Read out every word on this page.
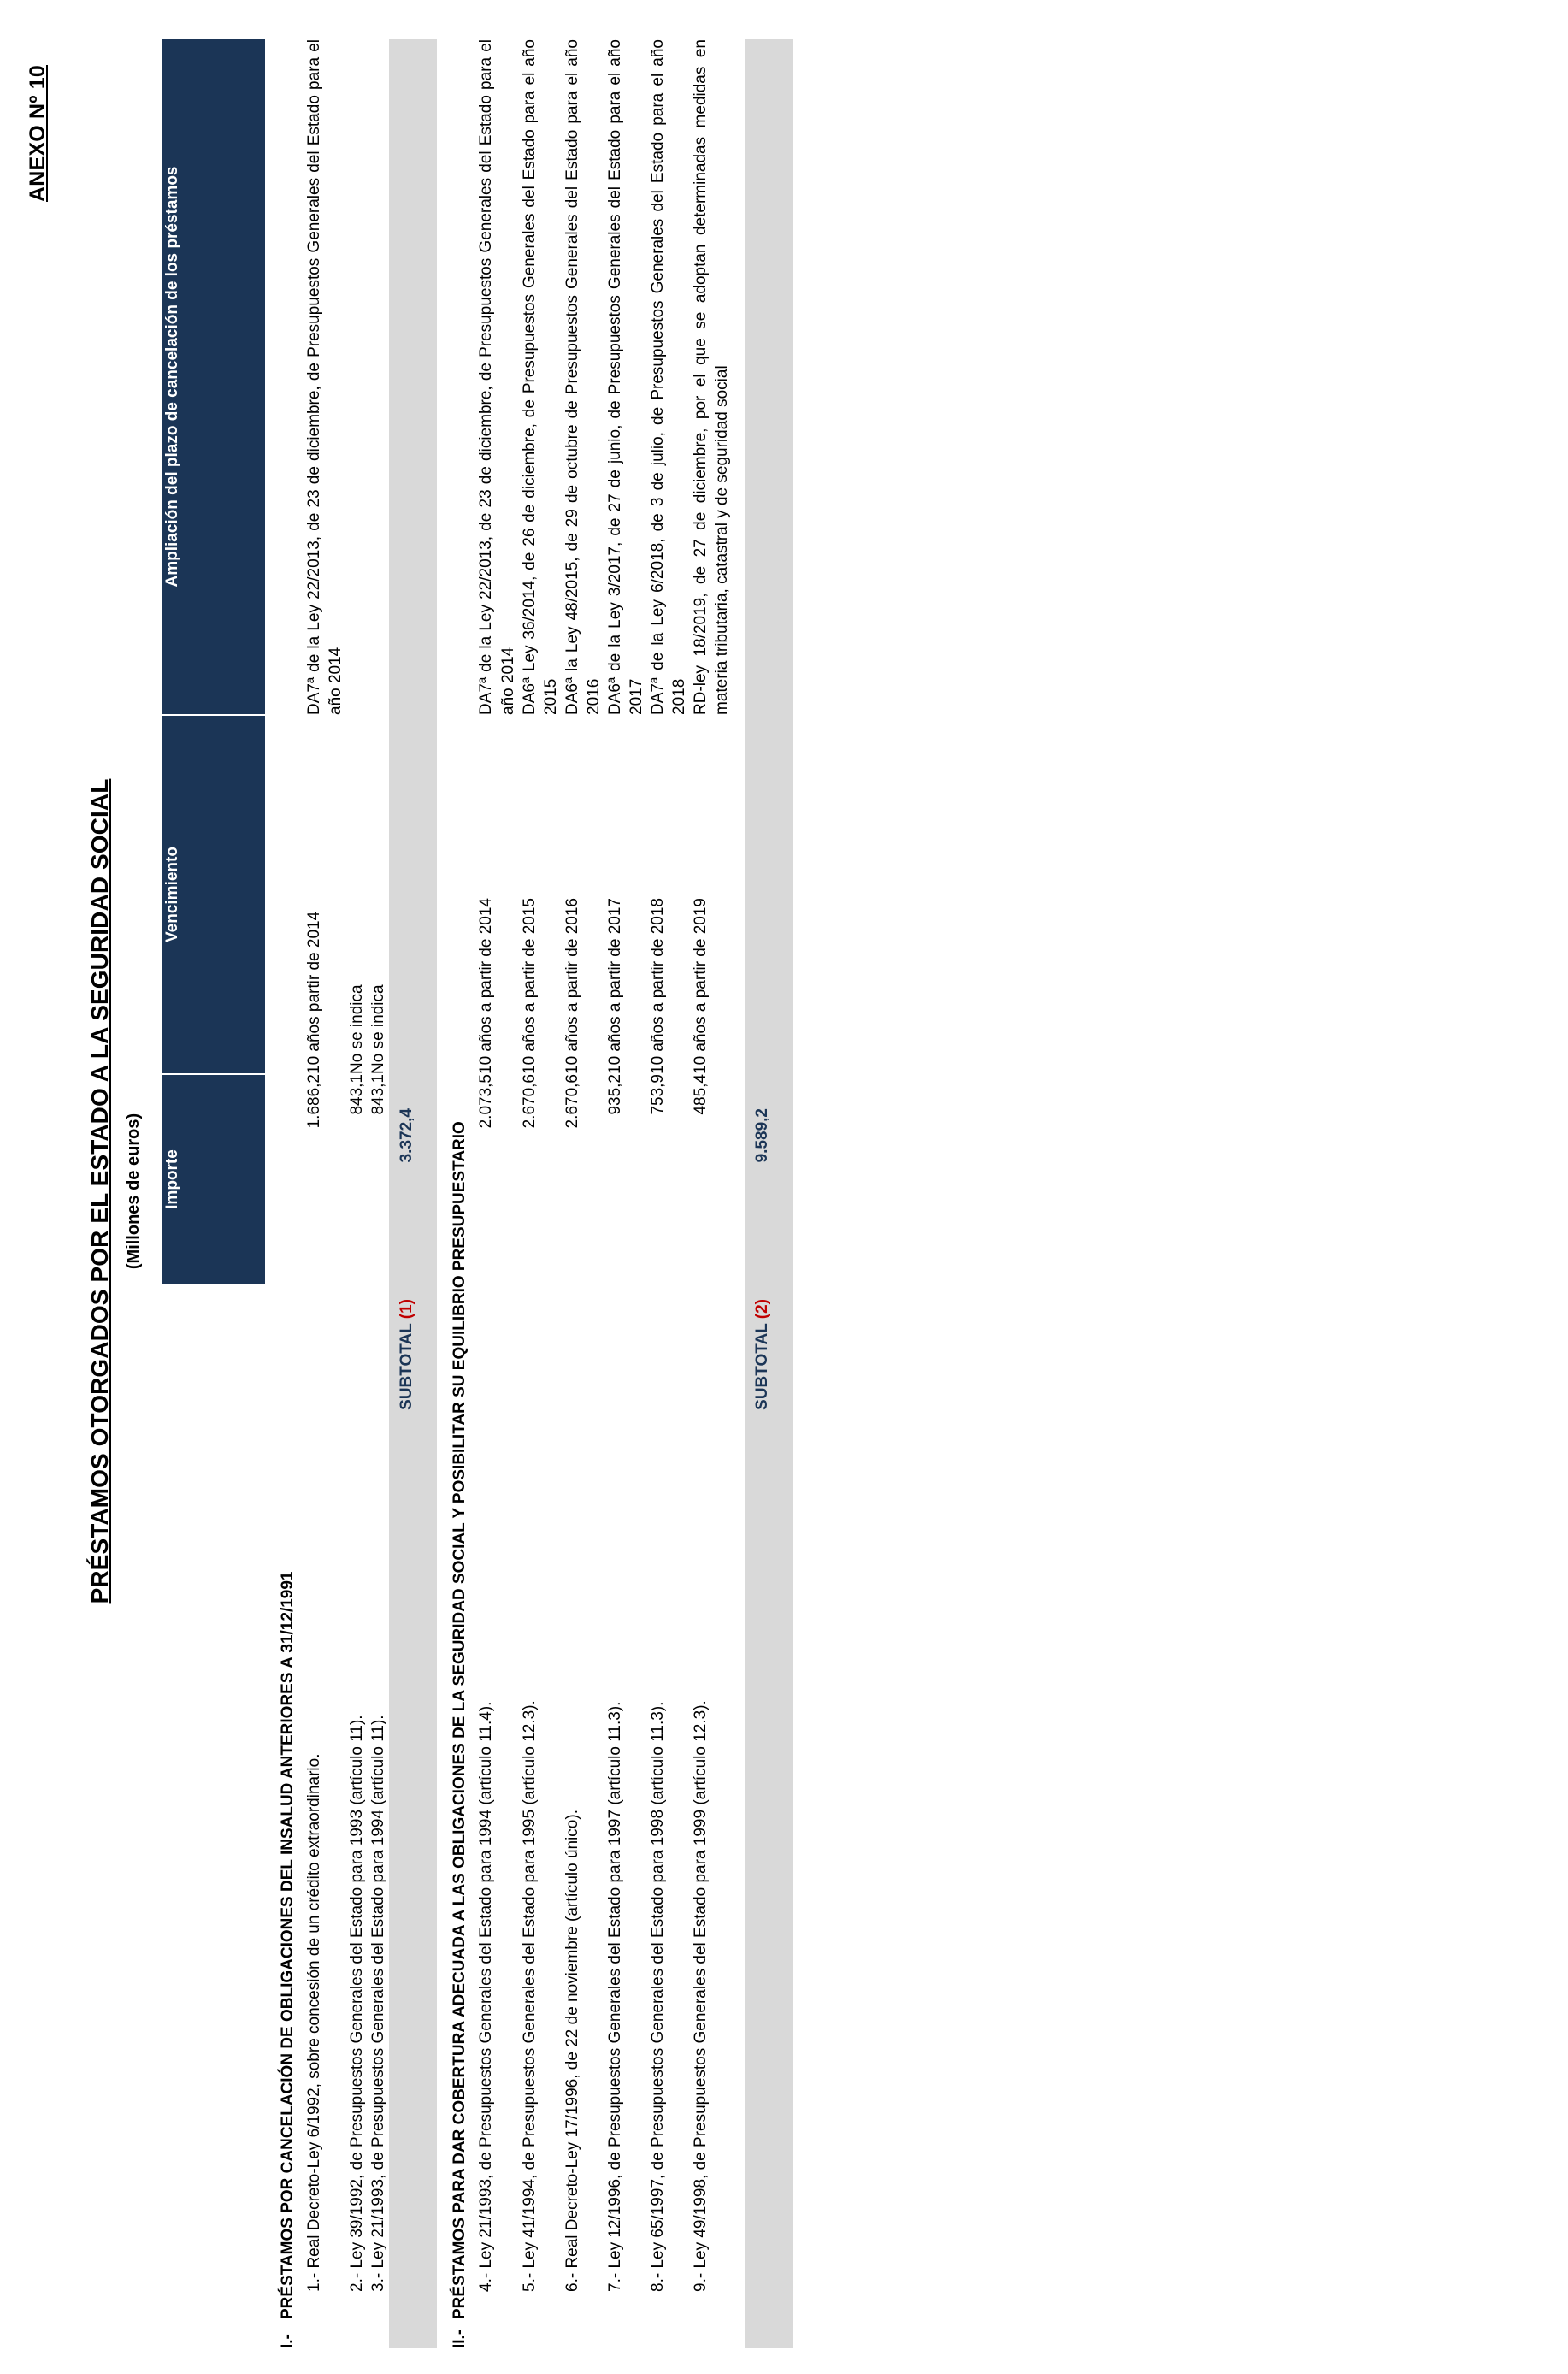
ANEXO Nº 10
PRÉSTAMOS OTORGADOS POR EL ESTADO A LA SEGURIDAD SOCIAL (Millones de euros)
	Importe	Vencimiento	Ampliación del plazo de cancelación de los préstamos
I.-PRÉSTAMOS POR CANCELACIÓN DE OBLIGACIONES DEL INSALUD ANTERIORES A 31/12/1991			
1.- Real Decreto-Ley 6/1992, sobre concesión de un crédito extraordinario.	1.686,2	10 años partir de 2014	DA7ª de la Ley 22/2013, de 23 de diciembre, de Presupuestos Generales del Estado para el año 2014
2.- Ley 39/1992, de Presupuestos Generales del Estado para 1993 (artículo 11).	843,1	No se indica	
3.- Ley 21/1993, de Presupuestos Generales del Estado para 1994 (artículo 11).	843,1	No se indica	
SUBTOTAL (1)	3.372,4		
II.-PRÉSTAMOS PARA DAR COBERTURA ADECUADA A LAS OBLIGACIONES DE LA SEGURIDAD SOCIAL Y POSIBILITAR SU EQUILIBRIO PRESUPUESTARIO			
4.- Ley 21/1993, de Presupuestos Generales del Estado para 1994 (artículo 11.4).	2.073,5	10 años a partir de 2014	DA7ª de la Ley 22/2013, de 23 de diciembre, de Presupuestos Generales del Estado para el año 2014
5.- Ley 41/1994, de Presupuestos Generales del Estado para 1995 (artículo 12.3).	2.670,6	10 años a partir de 2015	DA6ª Ley 36/2014, de 26 de diciembre, de Presupuestos Generales del Estado para el año 2015
6.- Real Decreto-Ley 17/1996, de 22 de noviembre (artículo único).	2.670,6	10 años a partir de 2016	DA6ª la Ley 48/2015, de 29 de octubre de Presupuestos Generales del Estado para el año 2016
7.- Ley 12/1996, de Presupuestos Generales del Estado para 1997 (artículo 11.3).	935,2	10 años a partir de 2017	DA6ª de la Ley 3/2017, de 27 de junio, de Presupuestos Generales del Estado para el año 2017
8.- Ley 65/1997, de Presupuestos Generales del Estado para 1998 (artículo 11.3).	753,9	10 años a partir de 2018	DA7ª de la Ley 6/2018, de 3 de julio, de Presupuestos Generales del Estado para el año 2018
9.- Ley 49/1998, de Presupuestos Generales del Estado para 1999 (artículo 12.3).	485,4	10 años a partir de 2019	RD-ley 18/2019, de 27 de diciembre, por el que se adoptan determinadas medidas en materia tributaria, catastral y de seguridad social

SUBTOTAL (2)	9.589,2		
